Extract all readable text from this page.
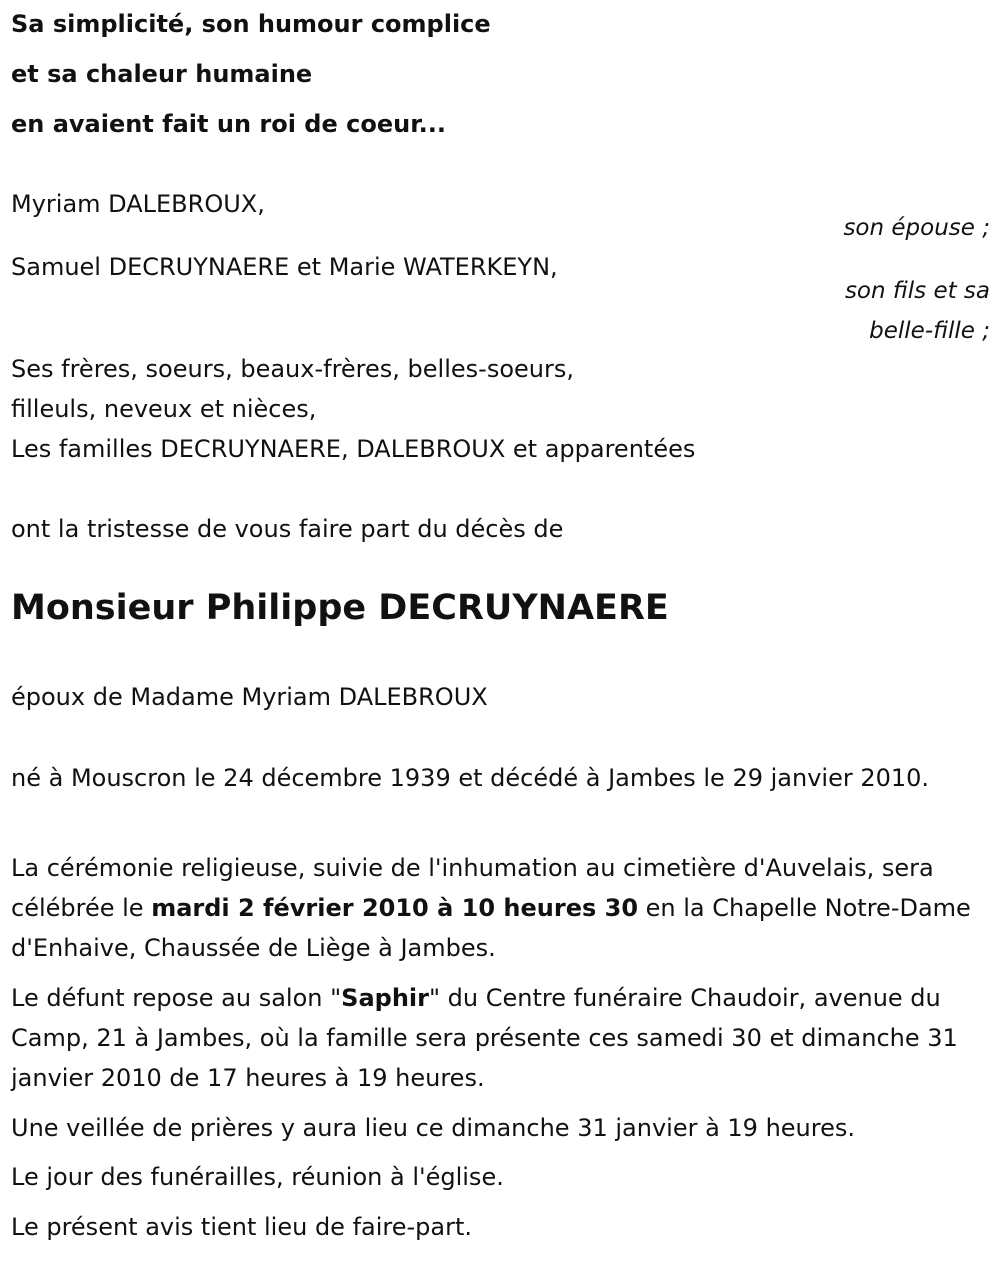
Sa simplicité, son humour complice
et sa chaleur humaine
en avaient fait un roi de coeur...
Myriam DALEBROUX,
son épouse ;
Samuel DECRUYNAERE et Marie WATERKEYN,
son fils et sa
belle-fille ;
Ses frères, soeurs, beaux-frères, belles-soeurs,
filleuls, neveux et nièces,
Les familles DECRUYNAERE, DALEBROUX et apparentées
ont la tristesse de vous faire part du décès de
Monsieur Philippe DECRUYNAERE
époux de Madame Myriam DALEBROUX
né à Mouscron le 24 décembre 1939 et décédé à Jambes le 29 janvier 2010.
La cérémonie religieuse, suivie de l'inhumation au cimetière d'Auvelais, sera célébrée le mardi 2 février 2010 à 10 heures 30 en la Chapelle Notre-Dame d'Enhaive, Chaussée de Liège à Jambes.
Le défunt repose au salon "Saphir" du Centre funéraire Chaudoir, avenue du Camp, 21 à Jambes, où la famille sera présente ces samedi 30 et dimanche 31 janvier 2010 de 17 heures à 19 heures.
Une veillée de prières y aura lieu ce dimanche 31 janvier à 19 heures.
Le jour des funérailles, réunion à l'église.
Le présent avis tient lieu de faire-part.
